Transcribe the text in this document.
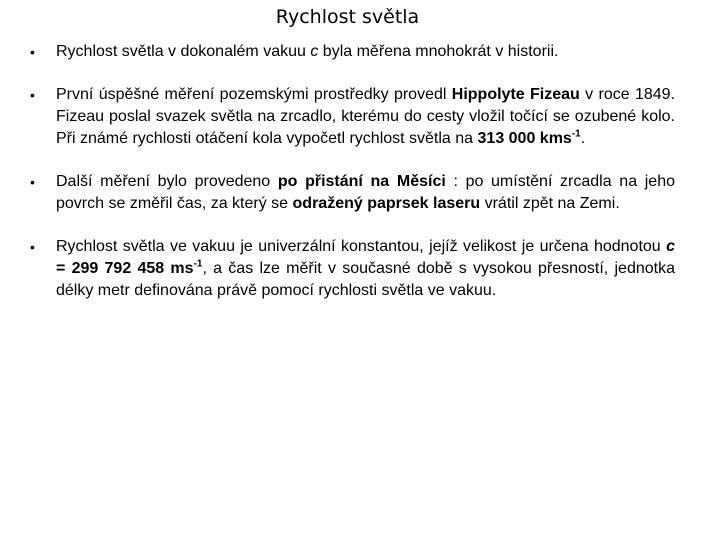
Rychlost světla
•	Rychlost světla v dokonalém vakuu c byla měřena mnohokrát v historii.
•	První úspěšné měření pozemskými prostředky provedl Hippolyte Fizeau v roce 1849. Fizeau poslal svazek světla na zrcadlo, kterému do cesty vložil točící se ozubené kolo. Při známé rychlosti otáčení kola vypočetl rychlost světla na 313 000 kms$^{-1}$.
•	Další měření bylo provedeno po přistání na Měsíci : po umístění zrcadla na jeho povrch se změřil čas, za který se odražený paprsek laseru vrátil zpět na Zemi.
•	Rychlost světla ve vakuu je univerzální konstantou, jejíž velikost je určena hodnotou c = 299 792 458 $ms^{-1}$, a čas lze měřit v současné době s vysokou přesností, jednotka délky metr definována právě pomocí rychlosti světla ve vakuu.
